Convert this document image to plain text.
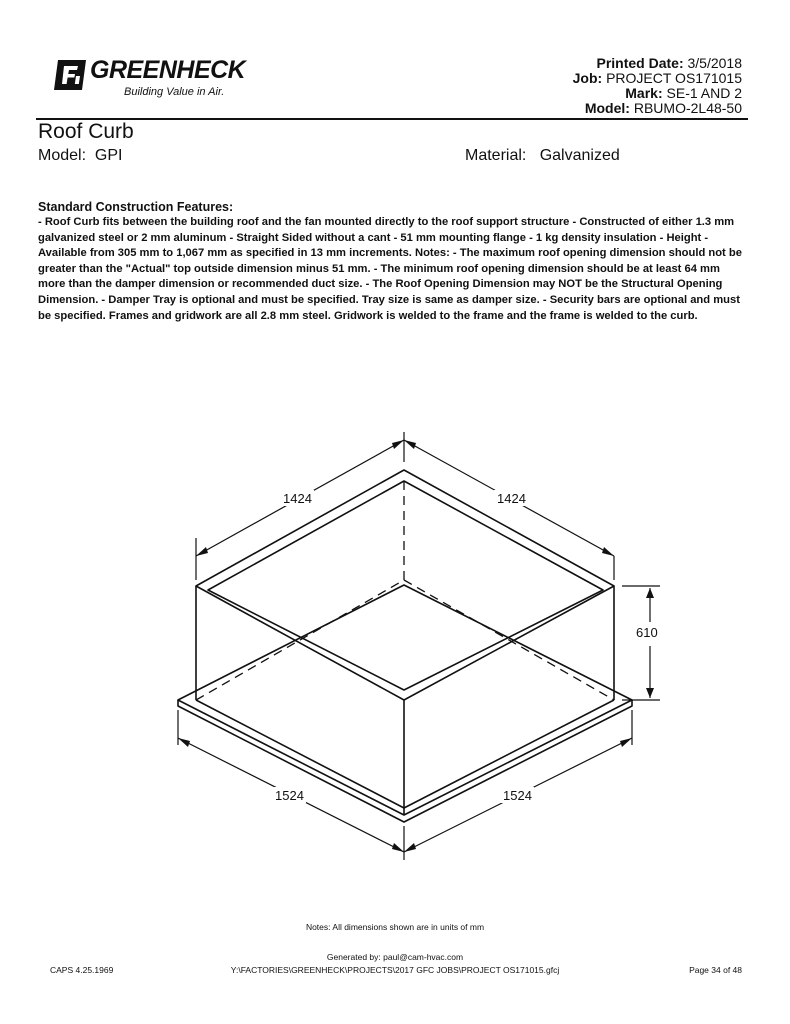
GREENHECK
Building Value in Air.
Printed Date: 3/5/2018
Job: PROJECT OS171015
Mark: SE-1 AND 2
Model: RBUMO-2L48-50
Roof Curb
Model: GPI	Material: Galvanized
Standard Construction Features:
- Roof Curb fits between the building roof and the fan mounted directly to the roof support structure - Constructed of either 1.3 mm galvanized steel or 2 mm aluminum - Straight Sided without a cant - 51 mm mounting flange - 1 kg density insulation - Height - Available from 305 mm to 1,067 mm as specified in 13 mm increments. Notes: - The maximum roof opening dimension should not be greater than the "Actual" top outside dimension minus 51 mm. - The minimum roof opening dimension should be at least 64 mm more than the damper dimension or recommended duct size. - The Roof Opening Dimension may NOT be the Structural Opening Dimension. - Damper Tray is optional and must be specified. Tray size is same as damper size. - Security bars are optional and must be specified. Frames and gridwork are all 2.8 mm steel. Gridwork is welded to the frame and the frame is welded to the curb.
1424	1424
610
1524	1524
Notes: All dimensions shown are in units of mm
Generated by: paul@cam-hvac.com
Y:\FACTORIES\GREENHECK\PROJECTS\2017 GFC JOBS\PROJECT OS171015.gfcj
CAPS 4.25.1969	Page 34 of 48
